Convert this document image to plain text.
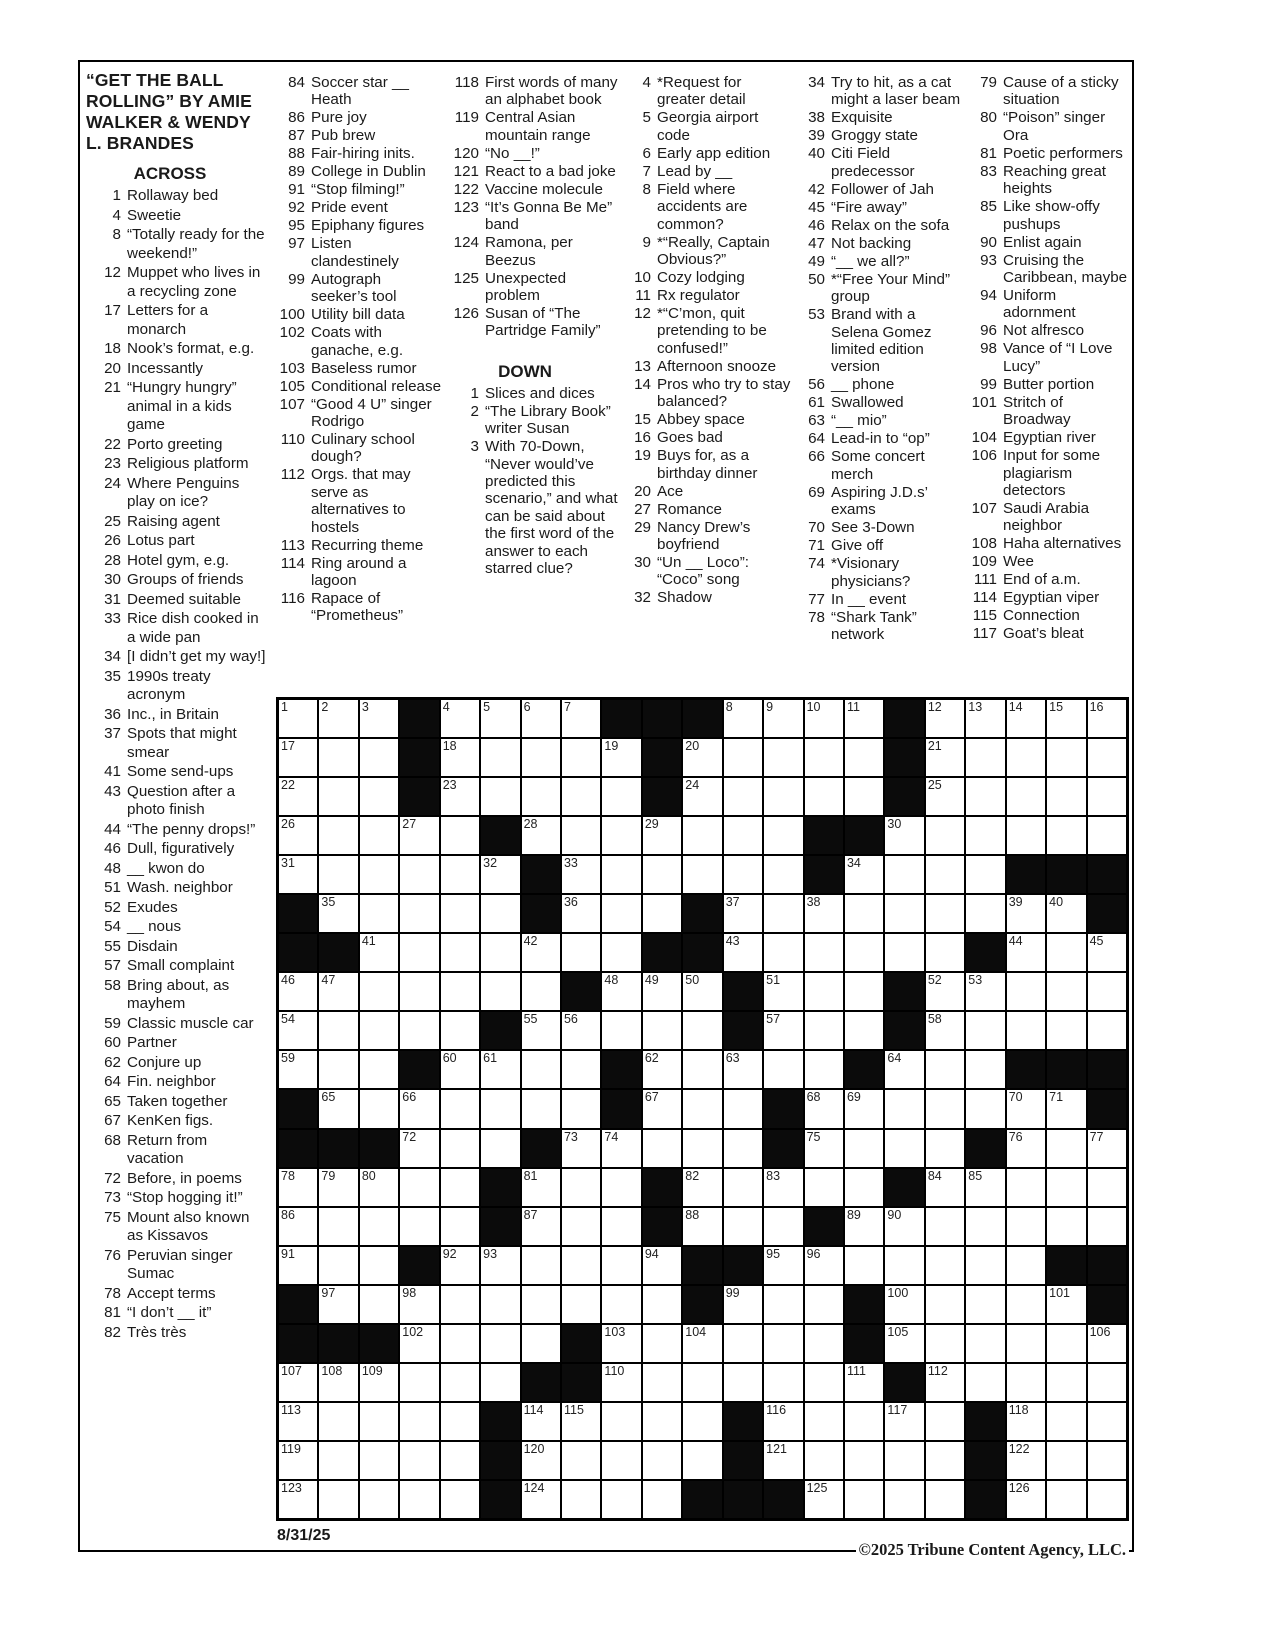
“GET THE BALL ROLLING” BY AMIE WALKER & WENDY L. BRANDES
ACROSS
1 Rollaway bed
4 Sweetie
8 “Totally ready for the weekend!”
12 Muppet who lives in a recycling zone
17 Letters for a monarch
18 Nook’s format, e.g.
20 Incessantly
21 “Hungry hungry” animal in a kids game
22 Porto greeting
23 Religious platform
24 Where Penguins play on ice?
25 Raising agent
26 Lotus part
28 Hotel gym, e.g.
30 Groups of friends
31 Deemed suitable
33 Rice dish cooked in a wide pan
34 [I didn’t get my way!]
35 1990s treaty acronym
36 Inc., in Britain
37 Spots that might smear
41 Some send-ups
43 Question after a photo finish
44 “The penny drops!”
46 Dull, figuratively
48 __ kwon do
51 Wash. neighbor
52 Exudes
54 __ nous
55 Disdain
57 Small complaint
58 Bring about, as mayhem
59 Classic muscle car
60 Partner
62 Conjure up
64 Fin. neighbor
65 Taken together
67 KenKen figs.
68 Return from vacation
72 Before, in poems
73 “Stop hogging it!”
75 Mount also known as Kissavos
76 Peruvian singer Sumac
78 Accept terms
81 “I don’t __ it”
82 Très très
84 Soccer star __ Heath
86 Pure joy
87 Pub brew
88 Fair-hiring inits.
89 College in Dublin
91 “Stop filming!”
92 Pride event
95 Epiphany figures
97 Listen clandestinely
99 Autograph seeker’s tool
100 Utility bill data
102 Coats with ganache, e.g.
103 Baseless rumor
105 Conditional release
107 “Good 4 U” singer Rodrigo
110 Culinary school dough?
112 Orgs. that may serve as alternatives to hostels
113 Recurring theme
114 Ring around a lagoon
116 Rapace of “Prometheus”
118 First words of many an alphabet book
119 Central Asian mountain range
120 “No __!”
121 React to a bad joke
122 Vaccine molecule
123 “It’s Gonna Be Me” band
124 Ramona, per Beezus
125 Unexpected problem
126 Susan of “The Partridge Family”
DOWN
1 Slices and dices
2 “The Library Book” writer Susan
3 With 70-Down, “Never would’ve predicted this scenario,” and what can be said about the first word of the answer to each starred clue?
4 *Request for greater detail
5 Georgia airport code
6 Early app edition
7 Lead by __
8 Field where accidents are common?
9 *“Really, Captain Obvious?”
10 Cozy lodging
11 Rx regulator
12 *“C’mon, quit pretending to be confused!”
13 Afternoon snooze
14 Pros who try to stay balanced?
15 Abbey space
16 Goes bad
19 Buys for, as a birthday dinner
20 Ace
27 Romance
29 Nancy Drew’s boyfriend
30 “Un __ Loco”: “Coco” song
32 Shadow
34 Try to hit, as a cat might a laser beam
38 Exquisite
39 Groggy state
40 Citi Field predecessor
42 Follower of Jah
45 “Fire away”
46 Relax on the sofa
47 Not backing
49 “__ we all?”
50 *“Free Your Mind” group
53 Brand with a Selena Gomez limited edition version
56 __ phone
61 Swallowed
63 “__ mio”
64 Lead-in to “op”
66 Some concert merch
69 Aspiring J.D.s’ exams
70 See 3-Down
71 Give off
74 *Visionary physicians?
77 In __ event
78 “Shark Tank” network
79 Cause of a sticky situation
80 “Poison” singer Ora
81 Poetic performers
83 Reaching great heights
85 Like show-offy pushups
90 Enlist again
93 Cruising the Caribbean, maybe
94 Uniform adornment
96 Not alfresco
98 Vance of “I Love Lucy”
99 Butter portion
101 Stritch of Broadway
104 Egyptian river
106 Input for some plagiarism detectors
107 Saudi Arabia neighbor
108 Haha alternatives
109 Wee
111 End of a.m.
114 Egyptian viper
115 Connection
117 Goat’s bleat
1	2	3	4	5	6	7	8	9	10 11	12 13 14 15 16
17	18	19	20	21
22	23	24	25
26	27	28	29	30
31	32	33	34
35	36	37	38	39 40
41	42	43	44	45
46 47	48 49 50	51	52 53
54	55 56	57	58
59	60 61	62	63	64
65	66	67	68 69	70 71
72	73 74	75	76	77
78 79 80	81	82	83	84 85
86	87	88	89 90
91	92 93	94	95 96
97	98	99	100	101
102	103	104	105	106
107 108 109	110	111	112
113	114 115	116	117	118
119	120	121	122
123	124	125	126
8/31/25
©2025 Tribune Content Agency, LLC.
